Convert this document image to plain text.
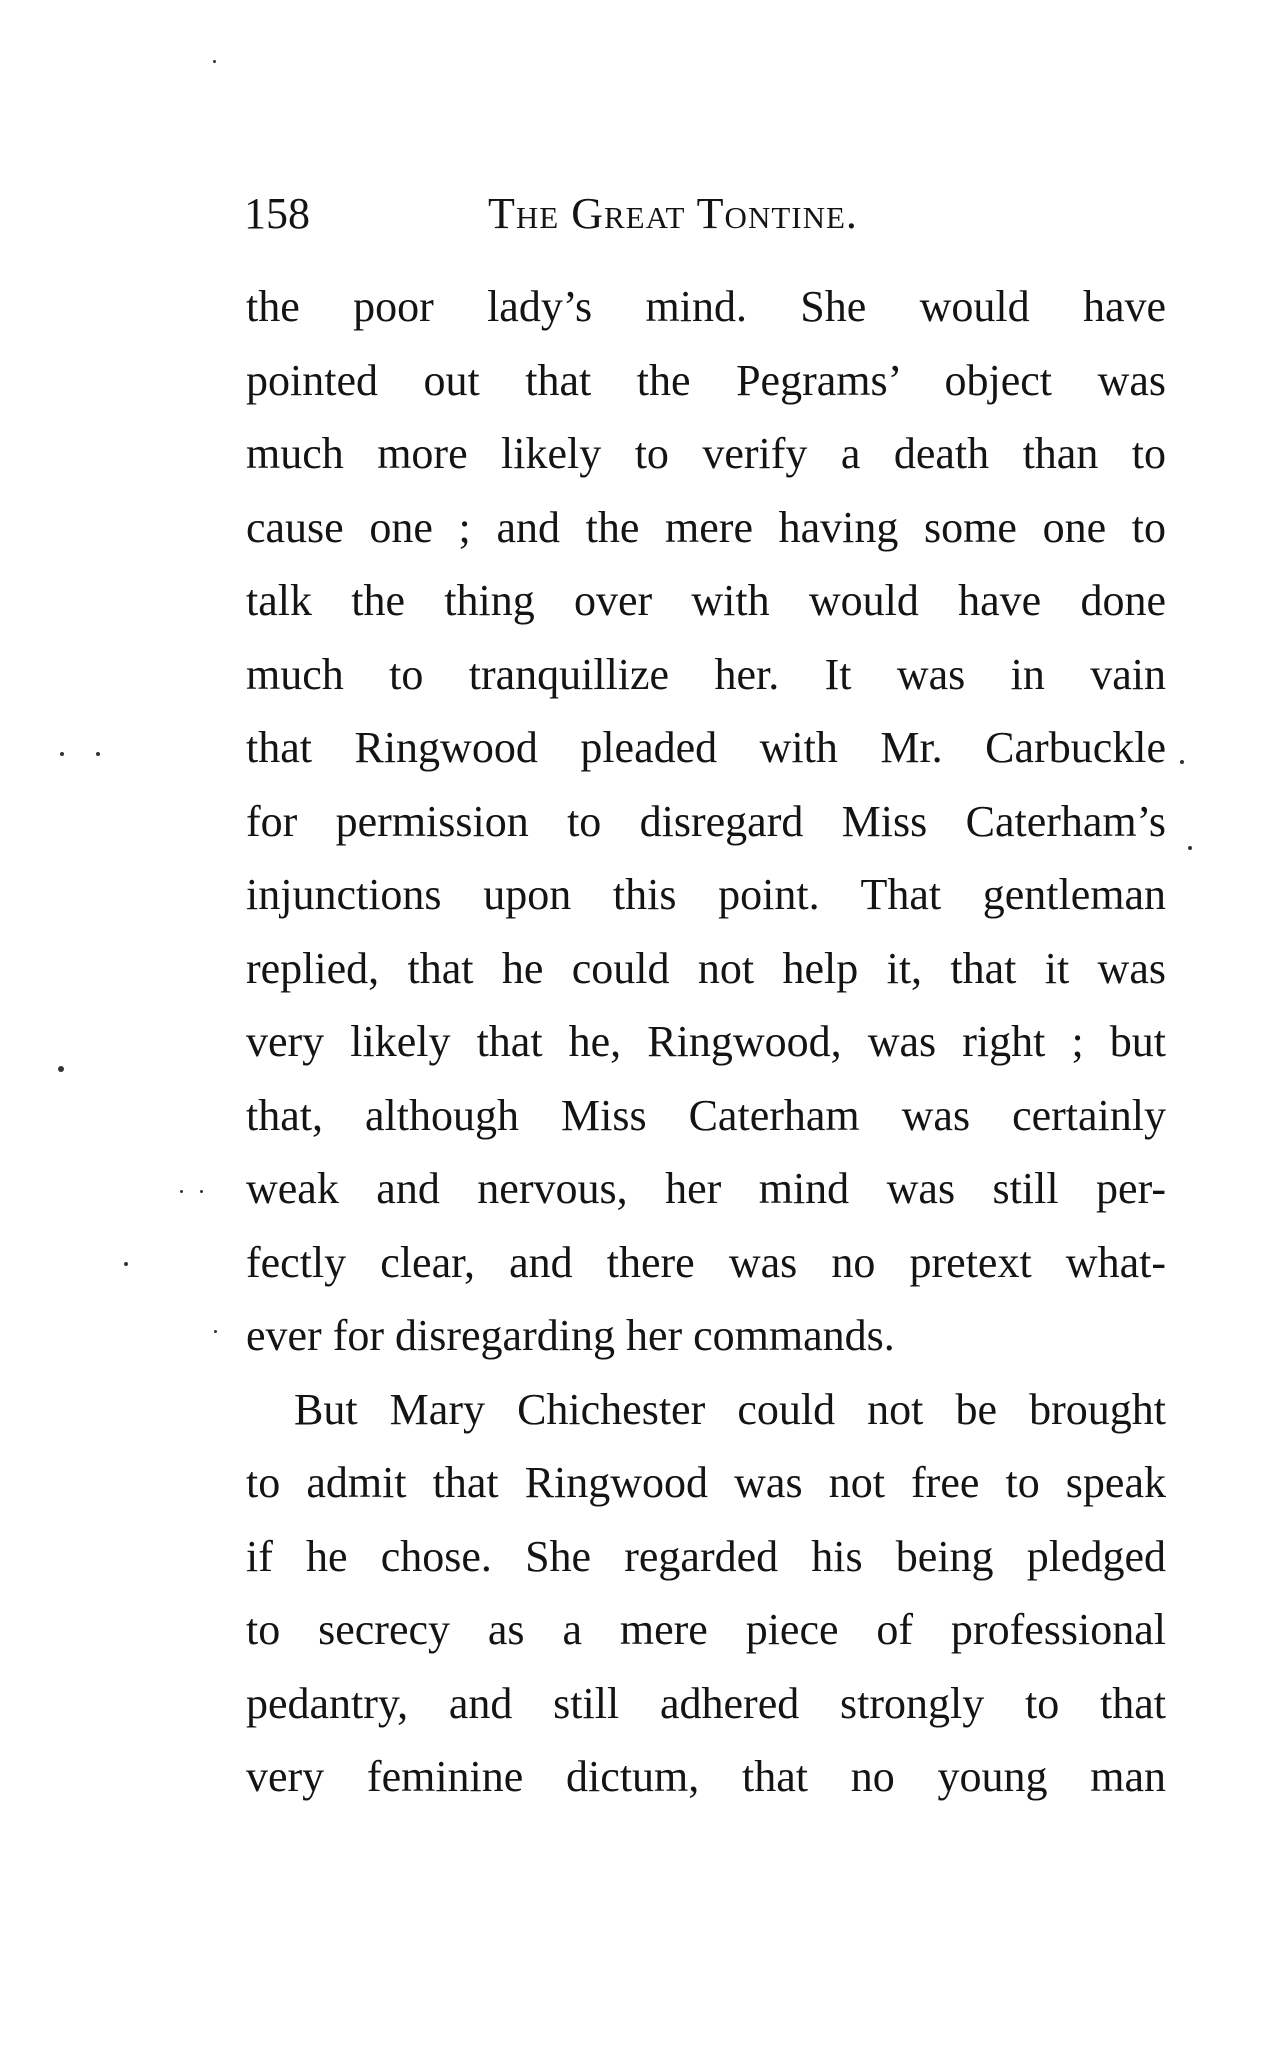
158	The Great Tontine.
the poor lady’s mind. She would have
pointed out that the Pegrams’ object was
much more likely to verify a death than to
cause one ; and the mere having some one to
talk the thing over with would have done
much to tranquillize her. It was in vain
that Ringwood pleaded with Mr. Carbuckle
for permission to disregard Miss Caterham’s
injunctions upon this point. That gentleman
replied, that he could not help it, that it was
very likely that he, Ringwood, was right ; but
that, although Miss Caterham was certainly
weak and nervous, her mind was still per-
fectly clear, and there was no pretext what-
ever for disregarding her commands.
But Mary Chichester could not be brought
to admit that Ringwood was not free to speak
if he chose. She regarded his being pledged
to secrecy as a mere piece of professional
pedantry, and still adhered strongly to that
very feminine dictum, that no young man
